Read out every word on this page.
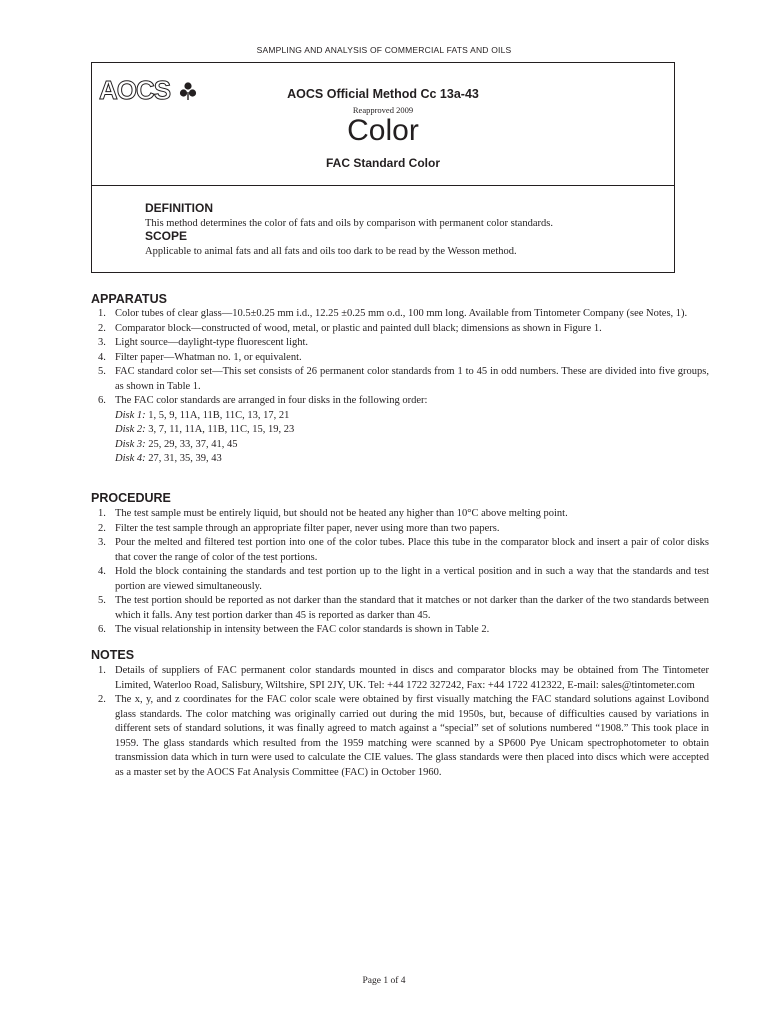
SAMPLING AND ANALYSIS OF COMMERCIAL FATS AND OILS
AOCS	AOCS Official Method Cc 13a-43
Reapproved 2009
Color
FAC Standard Color
DEFINITION
This method determines the color of fats and oils by comparison with permanent color standards.
SCOPE
Applicable to animal fats and all fats and oils too dark to be read by the Wesson method.
APPARATUS
1. Color tubes of clear glass—10.5±0.25 mm i.d., 12.25 ±0.25 mm o.d., 100 mm long. Available from Tintometer Company (see Notes, 1).
2. Comparator block—constructed of wood, metal, or plastic and painted dull black; dimensions as shown in Figure 1.
3. Light source—daylight-type fluorescent light.
4. Filter paper—Whatman no. 1, or equivalent.
5. FAC standard color set—This set consists of 26 permanent color standards from 1 to 45 in odd numbers. These are divided into five groups, as shown in Table 1.
6. The FAC color standards are arranged in four disks in the following order:
Disk 1: 1, 5, 9, 11A, 11B, 11C, 13, 17, 21
Disk 2: 3, 7, 11, 11A, 11B, 11C, 15, 19, 23
Disk 3: 25, 29, 33, 37, 41, 45
Disk 4: 27, 31, 35, 39, 43
PROCEDURE
1. The test sample must be entirely liquid, but should not be heated any higher than 10°C above melting point.
2. Filter the test sample through an appropriate filter paper, never using more than two papers.
3. Pour the melted and filtered test portion into one of the color tubes. Place this tube in the comparator block and insert a pair of color disks that cover the range of color of the test portions.
4. Hold the block containing the standards and test portion up to the light in a vertical position and in such a way that the standards and test portion are viewed simultaneously.
5. The test portion should be reported as not darker than the standard that it matches or not darker than the darker of the two standards between which it falls. Any test portion darker than 45 is reported as darker than 45.
6. The visual relationship in intensity between the FAC color standards is shown in Table 2.
NOTES
1. Details of suppliers of FAC permanent color standards mounted in discs and comparator blocks may be obtained from The Tintometer Limited, Waterloo Road, Salisbury, Wiltshire, SPI 2JY, UK. Tel: +44 1722 327242, Fax: +44 1722 412322, E-mail: sales@tintometer.com
2. The x, y, and z coordinates for the FAC color scale were obtained by first visually matching the FAC standard solutions against Lovibond glass standards. The color matching was originally carried out during the mid 1950s, but, because of difficulties caused by variations in different sets of standard solutions, it was finally agreed to match against a “special” set of solutions numbered “1908.” This took place in 1959. The glass standards which resulted from the 1959 matching were scanned by a SP600 Pye Unicam spectrophotometer to obtain transmission data which in turn were used to calculate the CIE values. The glass standards were then placed into discs which were accepted as a master set by the AOCS Fat Analysis Committee (FAC) in October 1960.
Page 1 of 4
